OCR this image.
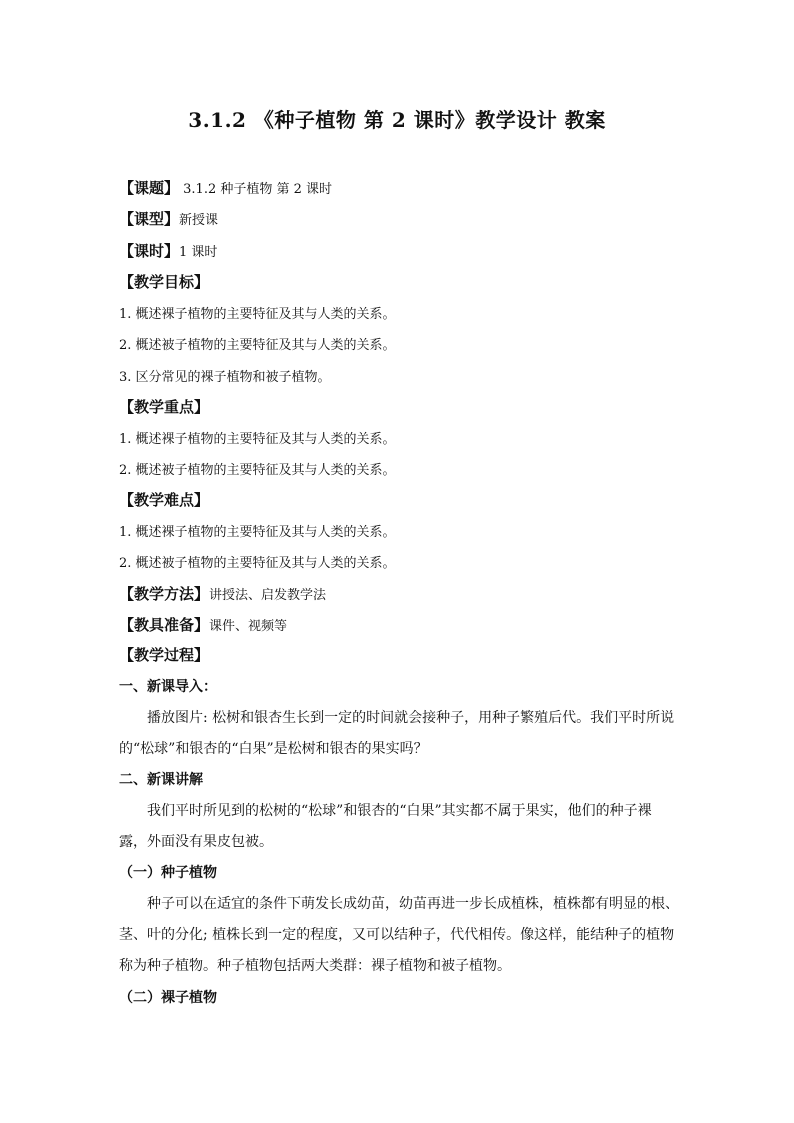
3.1.2 《种子植物 第 2 课时》教学设计 教案
【课题】 3.1.2 种子植物 第 2 课时
【课型】新授课
【课时】1 课时
【教学目标】
1. 概述裸子植物的主要特征及其与人类的关系。
2. 概述被子植物的主要特征及其与人类的关系。
3. 区分常见的裸子植物和被子植物。
【教学重点】
1. 概述裸子植物的主要特征及其与人类的关系。
2. 概述被子植物的主要特征及其与人类的关系。
【教学难点】
1. 概述裸子植物的主要特征及其与人类的关系。
2. 概述被子植物的主要特征及其与人类的关系。
【教学方法】讲授法、启发教学法
【教具准备】课件、视频等
【教学过程】
一、新课导入：
播放图片: 松树和银杏生长到一定的时间就会接种子，用种子繁殖后代。我们平时所说
的“松球”和银杏的“白果”是松树和银杏的果实吗？
二、新课讲解
我们平时所见到的松树的“松球”和银杏的“白果”其实都不属于果实，他们的种子裸
露，外面没有果皮包被。
（一）种子植物
种子可以在适宜的条件下萌发长成幼苗，幼苗再进一步长成植株，植株都有明显的根、
茎、叶的分化; 植株长到一定的程度，又可以结种子，代代相传。像这样，能结种子的植物
称为种子植物。种子植物包括两大类群：裸子植物和被子植物。
（二）裸子植物
